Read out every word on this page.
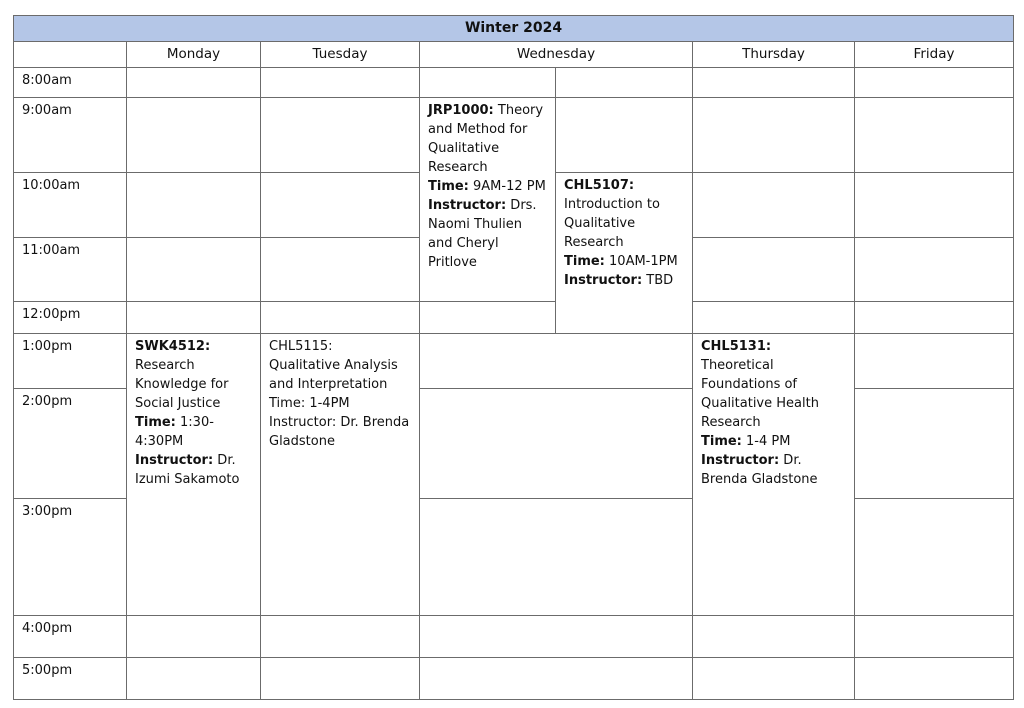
Winter 2024						
	Monday	Tuesday	Wednesday		Thursday	Friday
8:00am						
9:00am			JRP1000: Theory and Method for Qualitative Research
Time: 9AM-12 PM
Instructor: Drs. Naomi Thulien and Cheryl Pritlove			
10:00am				CHL5107:
Introduction to Qualitative Research
Time: 10AM-1PM
Instructor: TBD		
11:00am						
12:00pm						
1:00pm	SWK4512:
Research Knowledge for Social Justice
Time: 1:30-4:30PM
Instructor: Dr. Izumi Sakamoto	CHL5115:
Qualitative Analysis and Interpretation
Time: 1-4PM
Instructor: Dr. Brenda Gladstone			CHL5131:
Theoretical Foundations of Qualitative Health Research
Time: 1-4 PM
Instructor: Dr. Brenda Gladstone	
2:00pm						
3:00pm						
4:00pm						
5:00pm						
